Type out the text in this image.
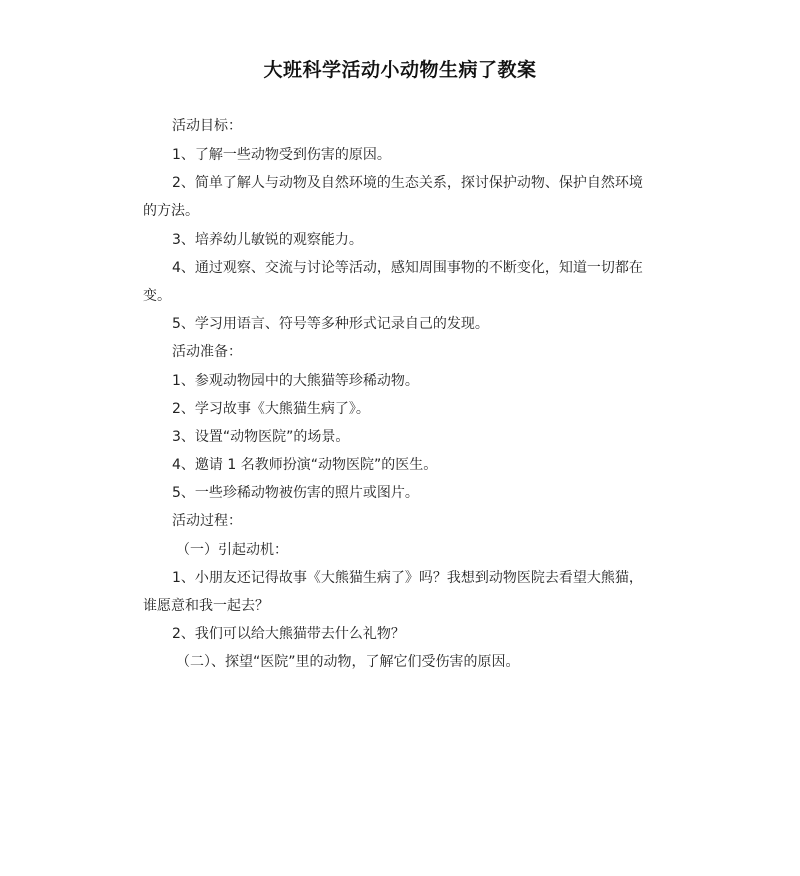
大班科学活动小动物生病了教案
活动目标：
1、了解一些动物受到伤害的原因。
2、简单了解人与动物及自然环境的生态关系，探讨保护动物、保护自然环境
的方法。
3、培养幼儿敏锐的观察能力。
4、通过观察、交流与讨论等活动，感知周围事物的不断变化，知道一切都在
变。
5、学习用语言、符号等多种形式记录自己的发现。
活动准备：
1、参观动物园中的大熊猫等珍稀动物。
2、学习故事《大熊猫生病了》。
3、设置“动物医院”的场景。
4、邀请 1 名教师扮演“动物医院”的医生。
5、一些珍稀动物被伤害的照片或图片。
活动过程：
（一）引起动机：
1、小朋友还记得故事《大熊猫生病了》吗？我想到动物医院去看望大熊猫，
谁愿意和我一起去？
2、我们可以给大熊猫带去什么礼物？
（二）、探望“医院”里的动物，了解它们受伤害的原因。
